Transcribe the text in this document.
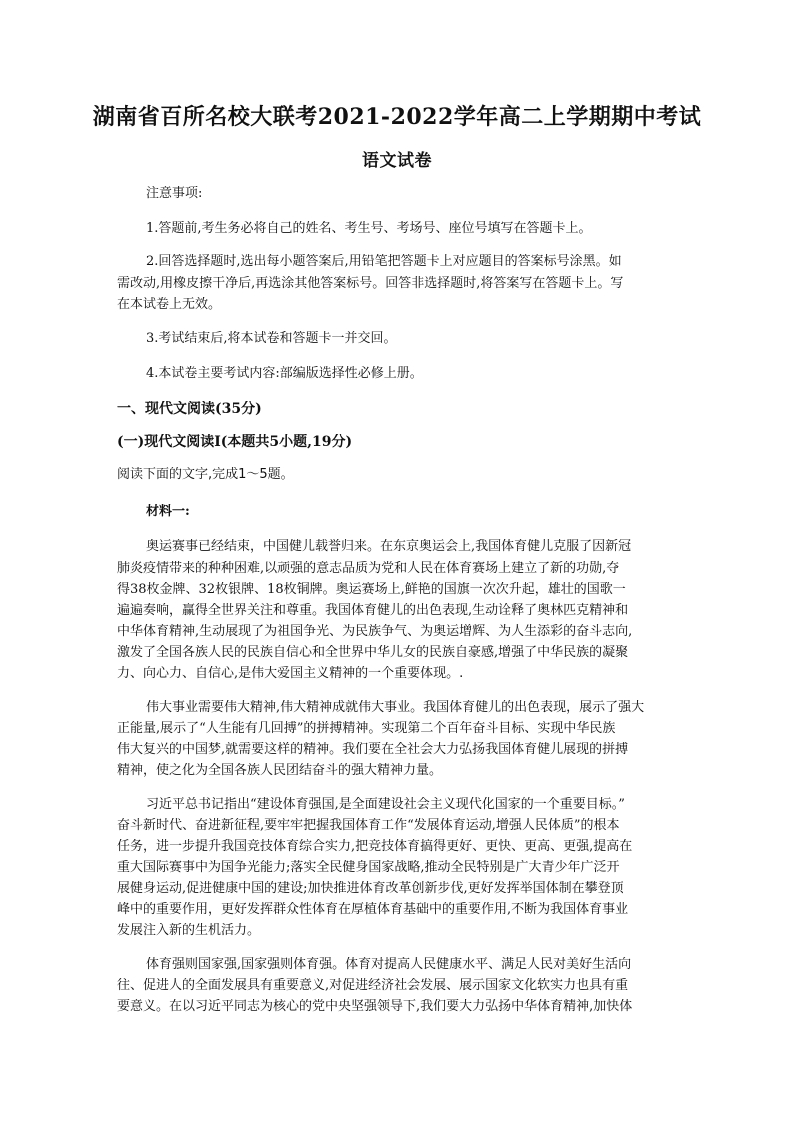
湖南省百所名校大联考2021-2022学年高二上学期期中考试
语文试卷
注意事项:
1.答题前,考生务必将自己的姓名、考生号、考场号、座位号填写在答题卡上。
2.回答选择题时,选出每小题答案后,用铅笔把答题卡上对应题目的答案标号涂黑。如
需改动,用橡皮擦干净后,再选涂其他答案标号。回答非选择题时,将答案写在答题卡上。写
在本试卷上无效。
3.考试结束后,将本试卷和答题卡一并交回。
4.本试卷主要考试内容:部编版选择性必修上册。
一、现代文阅读(35分)
(一)现代文阅读Ⅰ(本题共5小题,19分)
阅读下面的文字,完成1～5题。
材料一:
奥运赛事已经结束，中国健儿载誉归来。在东京奥运会上,我国体育健儿克服了因新冠
肺炎疫情带来的种种困难,以顽强的意志品质为党和人民在体育赛场上建立了新的功勋,夺
得38枚金牌、32枚银牌、18枚铜牌。奥运赛场上,鲜艳的国旗一次次升起，雄壮的国歌一
遍遍奏响，赢得全世界关注和尊重。我国体育健儿的出色表现,生动诠释了奥林匹克精神和
中华体育精神,生动展现了为祖国争光、为民族争气、为奥运增辉、为人生添彩的奋斗志向,
激发了全国各族人民的民族自信心和全世界中华儿女的民族自豪感,增强了中华民族的凝聚
力、向心力、自信心,是伟大爱国主义精神的一个重要体现。.
伟大事业需要伟大精神,伟大精神成就伟大事业。我国体育健儿的出色表现，展示了强大
正能量,展示了“人生能有几回搏”的拼搏精神。实现第二个百年奋斗目标、实现中华民族
伟大复兴的中国梦,就需要这样的精神。我们要在全社会大力弘扬我国体育健儿展现的拼搏
精神，使之化为全国各族人民团结奋斗的强大精神力量。
习近平总书记指出“建设体育强国,是全面建设社会主义现代化国家的一个重要目标。”
奋斗新时代、奋进新征程,要牢牢把握我国体育工作“发展体育运动,增强人民体质”的根本
任务，进一步提升我国竞技体育综合实力,把竞技体育搞得更好、更快、更高、更强,提高在
重大国际赛事中为国争光能力;落实全民健身国家战略,推动全民特别是广大青少年广泛开
展健身运动,促进健康中国的建设;加快推进体育改革创新步伐,更好发挥举国体制在攀登顶
峰中的重要作用，更好发挥群众性体育在厚植体育基础中的重要作用,不断为我国体育事业
发展注入新的生机活力。
体育强则国家强,国家强则体育强。体育对提高人民健康水平、满足人民对美好生活向
往、促进人的全面发展具有重要意义,对促进经济社会发展、展示国家文化软实力也具有重
要意义。在以习近平同志为核心的党中央坚强领导下,我们要大力弘扬中华体育精神,加快体
